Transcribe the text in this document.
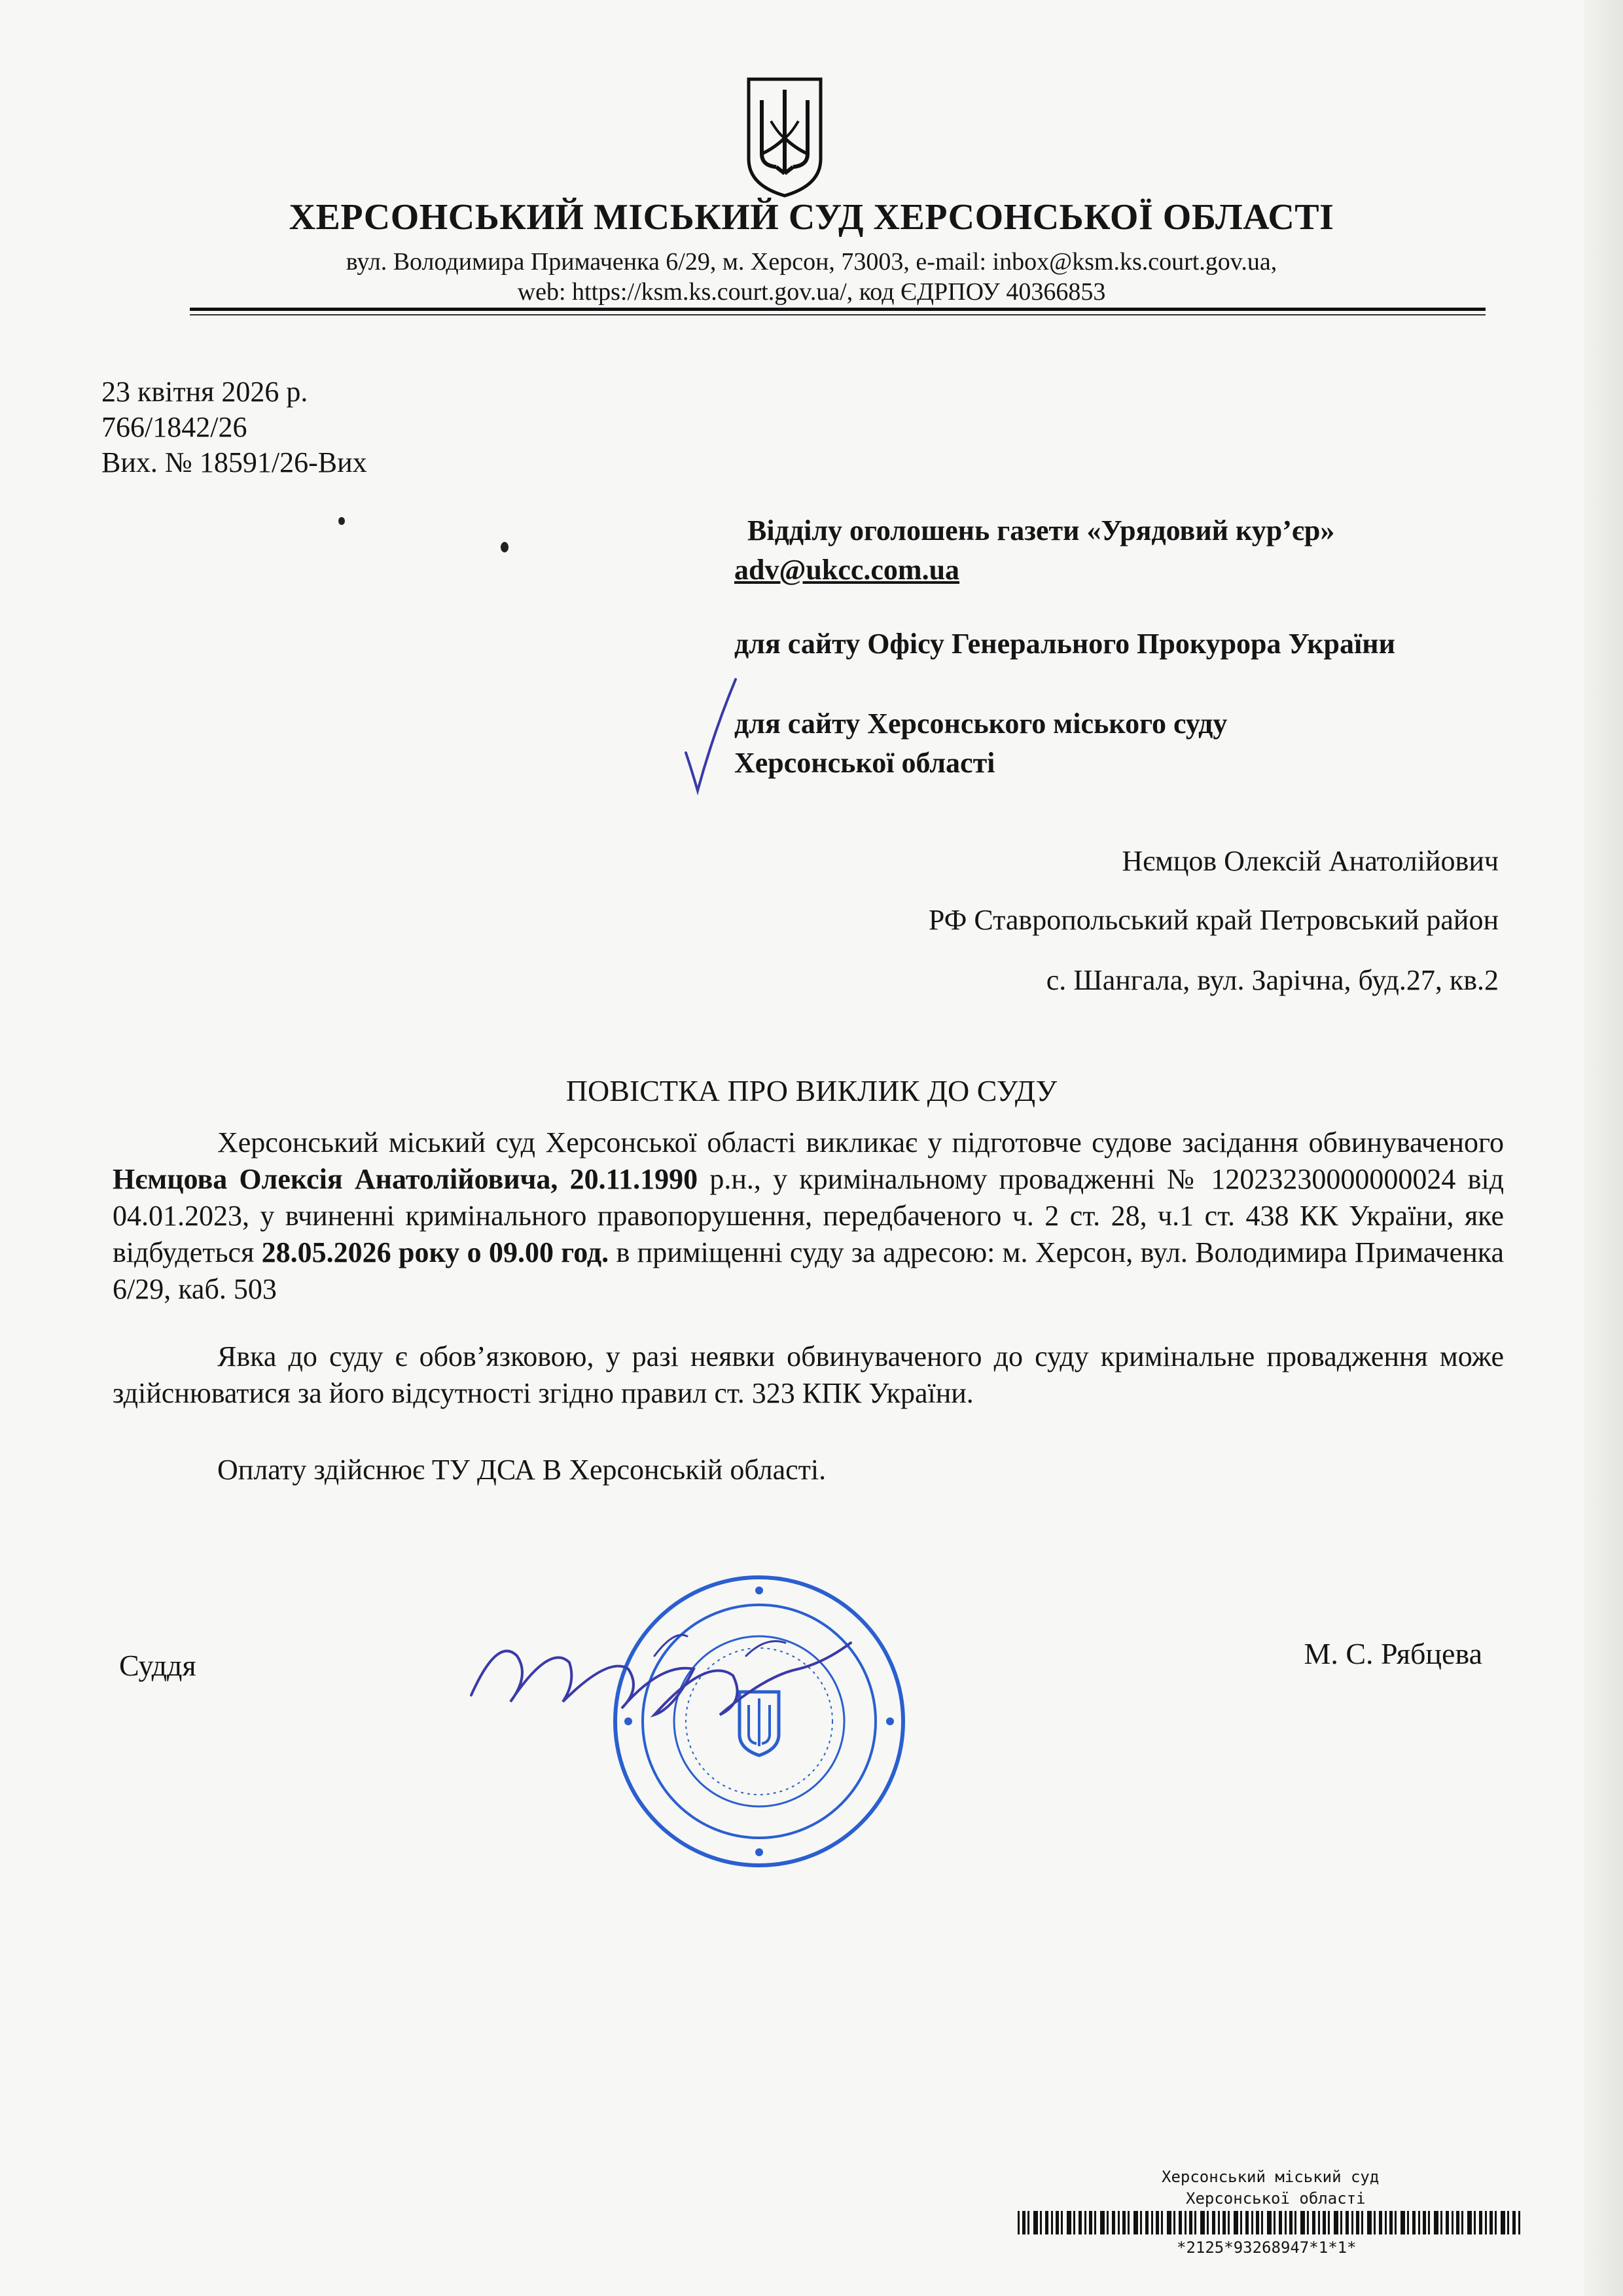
ХЕРСОНСЬКИЙ МІСЬКИЙ СУД ХЕРСОНСЬКОЇ ОБЛАСТІ
вул. Володимира Примаченка 6/29, м. Херсон, 73003, e-mail: inbox@ksm.ks.court.gov.ua,
web: https://ksm.ks.court.gov.ua/, код ЄДРПОУ 40366853
23 квітня 2026 р.
766/1842/26
Вих. № 18591/26-Вих
Відділу оголошень газети «Урядовий кур’єр»
adv@ukcc.com.ua
для сайту Офісу Генерального Прокурора України
для сайту Херсонського міського суду
Херсонської області
Нємцов Олексій Анатолійович
РФ Ставропольський край Петровський район
с. Шангала, вул. Зарічна, буд.27, кв.2
ПОВІСТКА ПРО ВИКЛИК ДО СУДУ
Херсонський міський суд Херсонської області викликає у підготовче судове засідання обвинуваченого Нємцова Олексія Анатолійовича, 20.11.1990 р.н., у кримінальному провадженні № 12023230000000024 від 04.01.2023, у вчиненні кримінального правопорушення, передбаченого ч. 2 ст. 28, ч.1 ст. 438 КК України, яке відбудеться 28.05.2026 року о 09.00 год. в приміщенні суду за адресою: м. Херсон, вул. Володимира Примаченка 6/29, каб. 503
Явка до суду є обов’язковою, у разі неявки обвинуваченого до суду кримінальне провадження може здійснюватися за його відсутності згідно правил ст. 323 КПК України.
Оплату здійснює ТУ ДСА В Херсонській області.
Суддя	М. С. Рябцева
Херсонський міський суд
Херсонської області
*2125*93268947*1*1*
